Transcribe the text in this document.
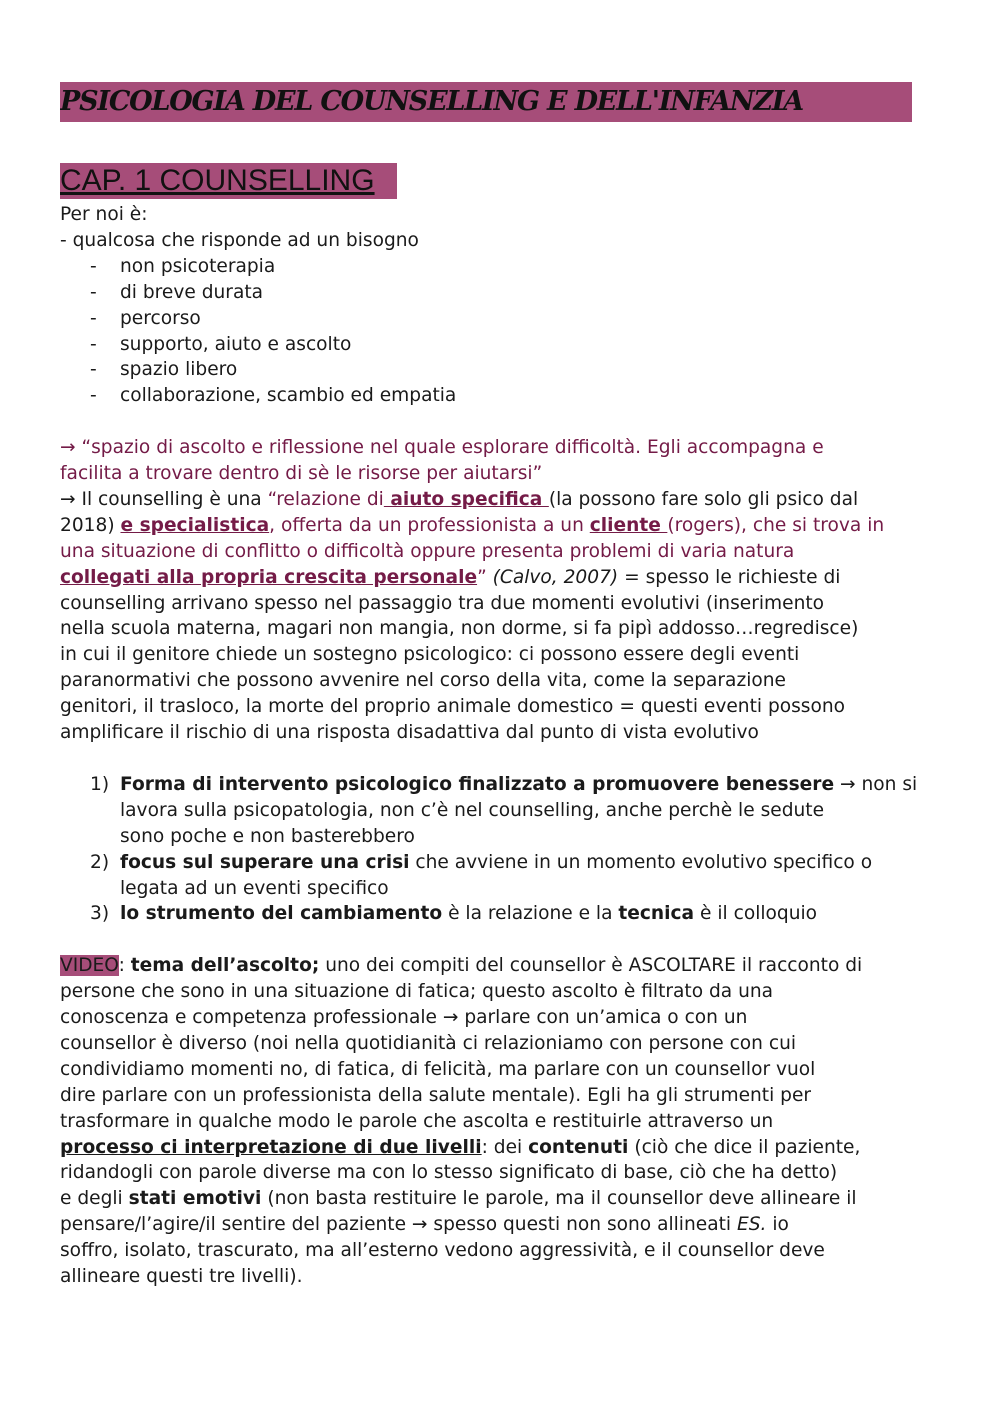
PSICOLOGIA DEL COUNSELLING E DELL'INFANZIA
CAP. 1 COUNSELLING
Per noi è:
- qualcosa che risponde ad un bisogno
- non psicoterapia
- di breve durata
- percorso
- supporto, aiuto e ascolto
- spazio libero
- collaborazione, scambio ed empatia
→ “spazio di ascolto e riflessione nel quale esplorare difficoltà. Egli accompagna e
facilita a trovare dentro di sè le risorse per aiutarsi”
→ Il counselling è una “relazione di aiuto specifica (la possono fare solo gli psico dal
2018) e specialistica, offerta da un professionista a un cliente (rogers), che si trova in
una situazione di conflitto o difficoltà oppure presenta problemi di varia natura
collegati alla propria crescita personale” (Calvo, 2007) = spesso le richieste di
counselling arrivano spesso nel passaggio tra due momenti evolutivi (inserimento
nella scuola materna, magari non mangia, non dorme, si fa pipì addosso…regredisce)
in cui il genitore chiede un sostegno psicologico: ci possono essere degli eventi
paranormativi che possono avvenire nel corso della vita, come la separazione
genitori, il trasloco, la morte del proprio animale domestico = questi eventi possono
amplificare il rischio di una risposta disadattiva dal punto di vista evolutivo
1) Forma di intervento psicologico finalizzato a promuovere benessere → non si
lavora sulla psicopatologia, non c’è nel counselling, anche perchè le sedute
sono poche e non basterebbero
2) focus sul superare una crisi che avviene in un momento evolutivo specifico o
legata ad un eventi specifico
3) lo strumento del cambiamento è la relazione e la tecnica è il colloquio
VIDEO: tema dell’ascolto; uno dei compiti del counsellor è ASCOLTARE il racconto di
persone che sono in una situazione di fatica; questo ascolto è filtrato da una
conoscenza e competenza professionale → parlare con un’amica o con un
counsellor è diverso (noi nella quotidianità ci relazioniamo con persone con cui
condividiamo momenti no, di fatica, di felicità, ma parlare con un counsellor vuol
dire parlare con un professionista della salute mentale). Egli ha gli strumenti per
trasformare in qualche modo le parole che ascolta e restituirle attraverso un
processo ci interpretazione di due livelli: dei contenuti (ciò che dice il paziente,
ridandogli con parole diverse ma con lo stesso significato di base, ciò che ha detto)
e degli stati emotivi (non basta restituire le parole, ma il counsellor deve allineare il
pensare/l’agire/il sentire del paziente → spesso questi non sono allineati ES. io
soffro, isolato, trascurato, ma all’esterno vedono aggressività, e il counsellor deve
allineare questi tre livelli).
